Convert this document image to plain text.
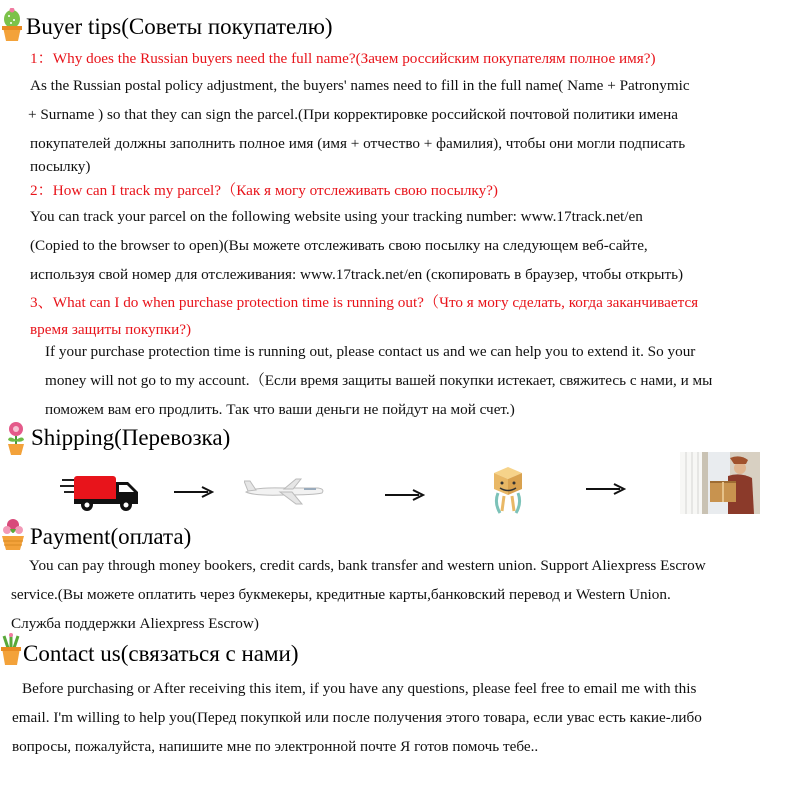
Buyer tips(Советы покупателю)
1：Why does the Russian buyers need the full name?(Зачем российским покупателям полное имя?)
As the Russian postal policy adjustment, the buyers' names need to fill in the full name( Name + Patronymic
+ Surname ) so that they can sign the parcel.(При корректировке российской почтовой политики имена
покупателей должны заполнить полное имя (имя + отчество + фамилия), чтобы они могли подписать
посылку)
2：How can I track my parcel?（Как я могу отслеживать свою посылку?)
You can track your parcel on the following website using your tracking number: www.17track.net/en
(Copied to the browser to open)(Вы можете отслеживать свою посылку на следующем веб-сайте,
используя свой номер для отслеживания: www.17track.net/en (скопировать в браузер, чтобы открыть)
3、What can I do when purchase protection time is running out?（Что я могу сделать, когда заканчивается
время защиты покупки?)
If your purchase protection time is running out, please contact us and we can help you to extend it. So your
money will not go to my account.（Если время защиты вашей покупки истекает, свяжитесь с нами, и мы
поможем вам его продлить. Так что ваши деньги не пойдут на мой счет.)
Shipping(Перевозка)
Payment(оплата)
You can pay through money bookers, credit cards, bank transfer and western union. Support Aliexpress Escrow
service.(Вы можете оплатить через букмекеры, кредитные карты,банковский перевод и Western Union.
Служба поддержки Aliexpress Escrow)
Contact us(связаться с нами)
Before purchasing or After receiving this item, if you have any questions, please feel free to email me with this
email. I'm willing to help you(Перед покупкой или после получения этого товара, если увас есть какие-либо
вопросы, пожалуйста, напишите мне по электронной почте Я готов помочь тебе..
